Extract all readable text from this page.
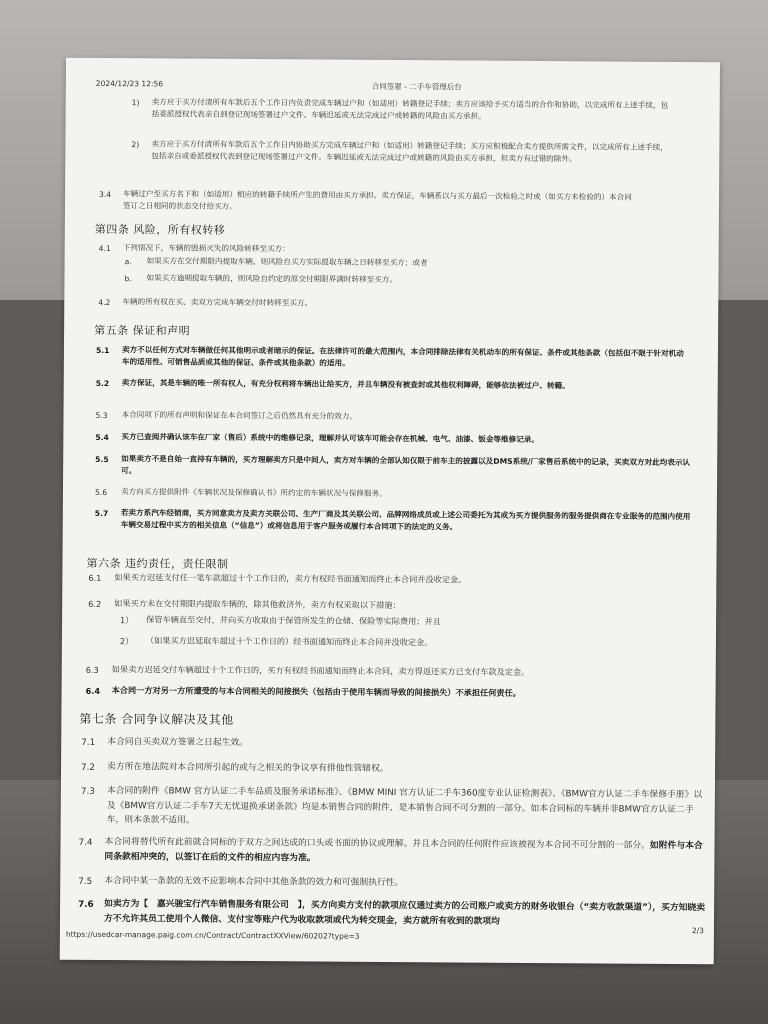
2024/12/23 12:56	合同签署 - 二手车管理后台
1) 卖方应于买方付清所有车款后五个工作日内负责完成车辆过户和（如适用）转籍登记手续；卖方应该给予买方适当的合作和协助，以完成所有上述手续，包括委派授权代表亲自到登记现场签署过户文件。车辆迟延或无法完成过户或转籍的风险由买方承担。
2) 卖方应于买方付清所有车款后五个工作日内协助买方完成车辆过户和（如适用）转籍登记手续；买方应积极配合卖方提供所需文件，以完成所有上述手续，包括亲自或委派授权代表到登记现场签署过户文件。车辆迟延或无法完成过户或转籍的风险由买方承担，但卖方有过错的除外。
3.4 车辆过户至买方名下和（如适用）相应的转籍手续所产生的费用由买方承担。卖方保证，车辆系以与买方最后一次检验之时或（如买方未检验的）本合同签订之日相同的状态交付给买方。
第四条 风险，所有权转移
4.1 下列情况下，车辆的毁损灭失的风险转移至买方：
a. 如果买方在交付期限内提取车辆，则风险自买方实际提取车辆之日转移至买方；或者
b. 如果买方逾期提取车辆的，则风险自约定的原交付期限界满时转移至买方。
4.2 车辆的所有权在买、卖双方完成车辆交付时转移至买方。
第五条 保证和声明
5.1 卖方不以任何方式对车辆做任何其他明示或者暗示的保证。在法律许可的最大范围内，本合同排除法律有关机动车的所有保证、条件或其他条款（包括但不限于针对机动车的适用性、可销售品质或其他的保证、条件或其他条款）的适用。
5.2 卖方保证，其是车辆的唯一所有权人，有充分权利将车辆出让给买方，并且车辆没有被查封或其他权利障碍，能够依法被过户、转籍。
5.3 本合同项下的所有声明和保证在本合同签订之后仍然具有充分的效力。
5.4 买方已查阅并确认该车在厂家（售后）系统中的维修记录，理解并认可该车可能会存在机械、电气、油漆、钣金等维修记录。
5.5 如果卖方不是自始一直持有车辆的，买方理解卖方只是中间人，卖方对车辆的全部认知仅限于前车主的披露以及DMS系统/厂家售后系统中的记录，买卖双方对此均表示认可。
5.6 卖方向买方提供附件《车辆状况及保修确认书》所约定的车辆状况与保修服务。
5.7 若卖方系汽车经销商，买方同意卖方及卖方关联公司、生产厂商及其关联公司、品牌网络成员或上述公司委托为其或为买方提供服务的服务提供商在专业服务的范围内使用车辆交易过程中买方的相关信息（“信息”）或将信息用于客户服务或履行本合同项下的法定的义务。
第六条 违约责任，责任限制
6.1 如果买方迟延支付任一笔车款超过十个工作日的，卖方有权经书面通知而终止本合同并没收定金。
6.2 如果买方未在交付期限内提取车辆的，除其他救济外，卖方有权采取以下措施：
1） 保管车辆直至交付，并向买方收取由于保管所发生的仓储、保险等实际费用；并且
2） （如果买方迟延取车超过十个工作日的）经书面通知而终止本合同并没收定金。
6.3 如果卖方迟延交付车辆超过十个工作日的，买方有权经书面通知而终止本合同，卖方得返还买方已支付车款及定金。
6.4 本合同一方对另一方所遭受的与本合同相关的间接损失（包括由于使用车辆而导致的间接损失）不承担任何责任。
第七条 合同争议解决及其他
7.1 本合同自买卖双方签署之日起生效。
7.2 卖方所在地法院对本合同所引起的或与之相关的争议享有排他性管辖权。
7.3 本合同的附件《BMW 官方认证二手车品质及服务承诺标准》、《BMW MINI 官方认证二手车360度专业认证检测表》、《BMW官方认证二手车保修手册》以及《BMW官方认证二手车7天无忧退换承诺条款》均是本销售合同的附件，是本销售合同不可分割的一部分。如本合同标的车辆并非BMW官方认证二手车，则本条款不适用。
7.4 本合同将替代所有此前就合同标的于双方之间达成的口头或书面的协议或理解。并且本合同的任何附件应该被视为本合同不可分割的一部分。如附件与本合同条款相冲突的，以签订在后的文件的相应内容为准。
7.5 本合同中某一条款的无效不应影响本合同中其他条款的效力和可强制执行性。
7.6 如卖方为【　嘉兴骏宝行汽车销售服务有限公司　】，买方向卖方支付的款项应仅通过卖方的公司账户或卖方的财务收银台（“卖方收款渠道”），买方知晓卖方不允许其员工使用个人微信、支付宝等账户代为收取款项或代为转交现金，卖方就所有收到的款项均
https://usedcar-manage.paig.com.cn/Contract/ContractXXView/60202?type=3	2/3
